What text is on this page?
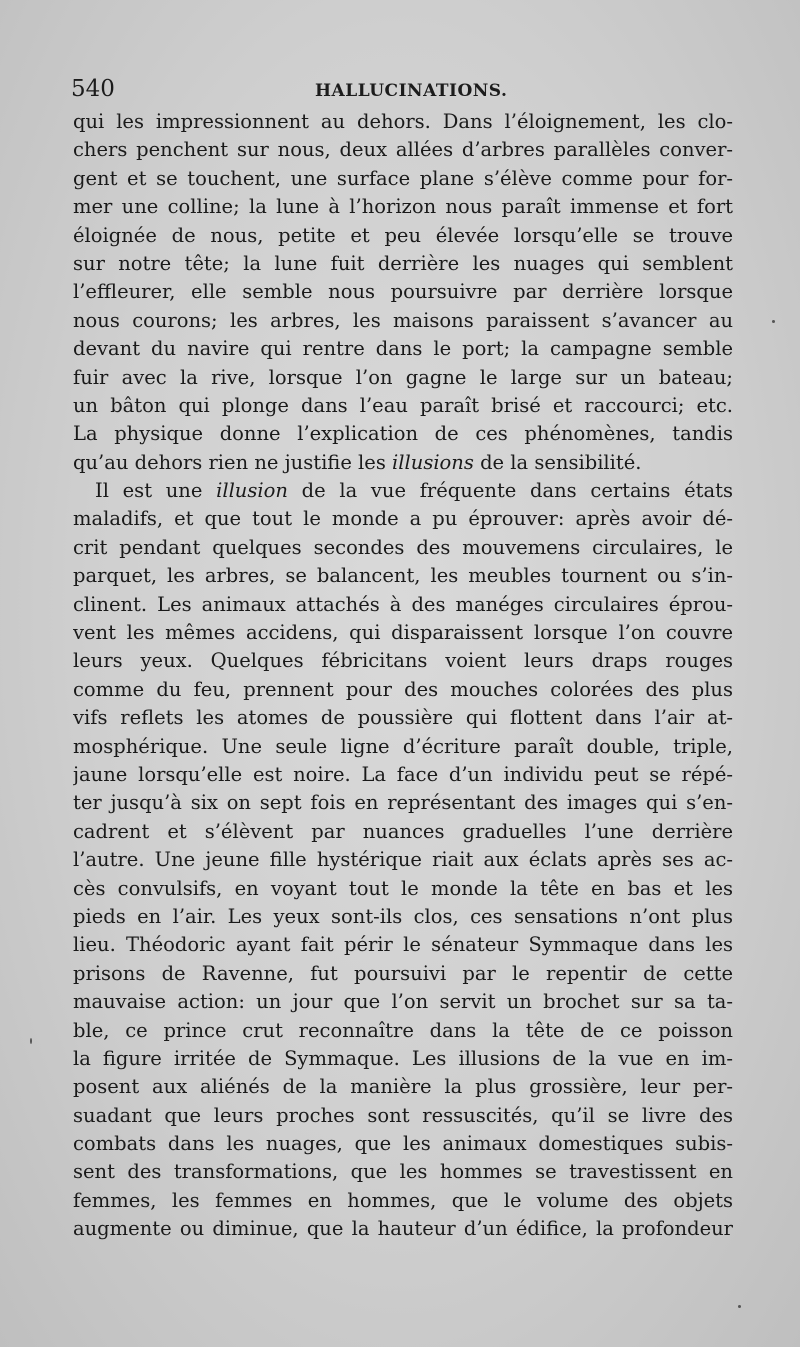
540	HALLUCINATIONS.
qui les impressionnent au dehors. Dans l’éloignement, les clo-
chers penchent sur nous, deux allées d’arbres parallèles conver-
gent et se touchent, une surface plane s’élève comme pour for-
mer une colline; la lune à l’horizon nous paraît immense et fort
éloignée de nous, petite et peu élevée lorsqu’elle se trouve
sur notre tête; la lune fuit derrière les nuages qui semblent
l’effleurer, elle semble nous poursuivre par derrière lorsque
nous courons; les arbres, les maisons paraissent s’avancer au
devant du navire qui rentre dans le port; la campagne semble
fuir avec la rive, lorsque l’on gagne le large sur un bateau;
un bâton qui plonge dans l’eau paraît brisé et raccourci; etc.
La physique donne l’explication de ces phénomènes, tandis
qu’au dehors rien ne justifie les illusions de la sensibilité.
Il est une illusion de la vue fréquente dans certains états
maladifs, et que tout le monde a pu éprouver: après avoir dé-
crit pendant quelques secondes des mouvemens circulaires, le
parquet, les arbres, se balancent, les meubles tournent ou s’in-
clinent. Les animaux attachés à des manéges circulaires éprou-
vent les mêmes accidens, qui disparaissent lorsque l’on couvre
leurs yeux. Quelques fébricitans voient leurs draps rouges
comme du feu, prennent pour des mouches colorées des plus
vifs reflets les atomes de poussière qui flottent dans l’air at-
mosphérique. Une seule ligne d’écriture paraît double, triple,
jaune lorsqu’elle est noire. La face d’un individu peut se répé-
ter jusqu’à six on sept fois en représentant des images qui s’en-
cadrent et s’élèvent par nuances graduelles l’une derrière
l’autre. Une jeune fille hystérique riait aux éclats après ses ac-
cès convulsifs, en voyant tout le monde la tête en bas et les
pieds en l’air. Les yeux sont-ils clos, ces sensations n’ont plus
lieu. Théodoric ayant fait périr le sénateur Symmaque dans les
prisons de Ravenne, fut poursuivi par le repentir de cette
mauvaise action: un jour que l’on servit un brochet sur sa ta-
ble, ce prince crut reconnaître dans la tête de ce poisson
la figure irritée de Symmaque. Les illusions de la vue en im-
posent aux aliénés de la manière la plus grossière, leur per-
suadant que leurs proches sont ressuscités, qu’il se livre des
combats dans les nuages, que les animaux domestiques subis-
sent des transformations, que les hommes se travestissent en
femmes, les femmes en hommes, que le volume des objets
augmente ou diminue, que la hauteur d’un édifice, la profondeur
